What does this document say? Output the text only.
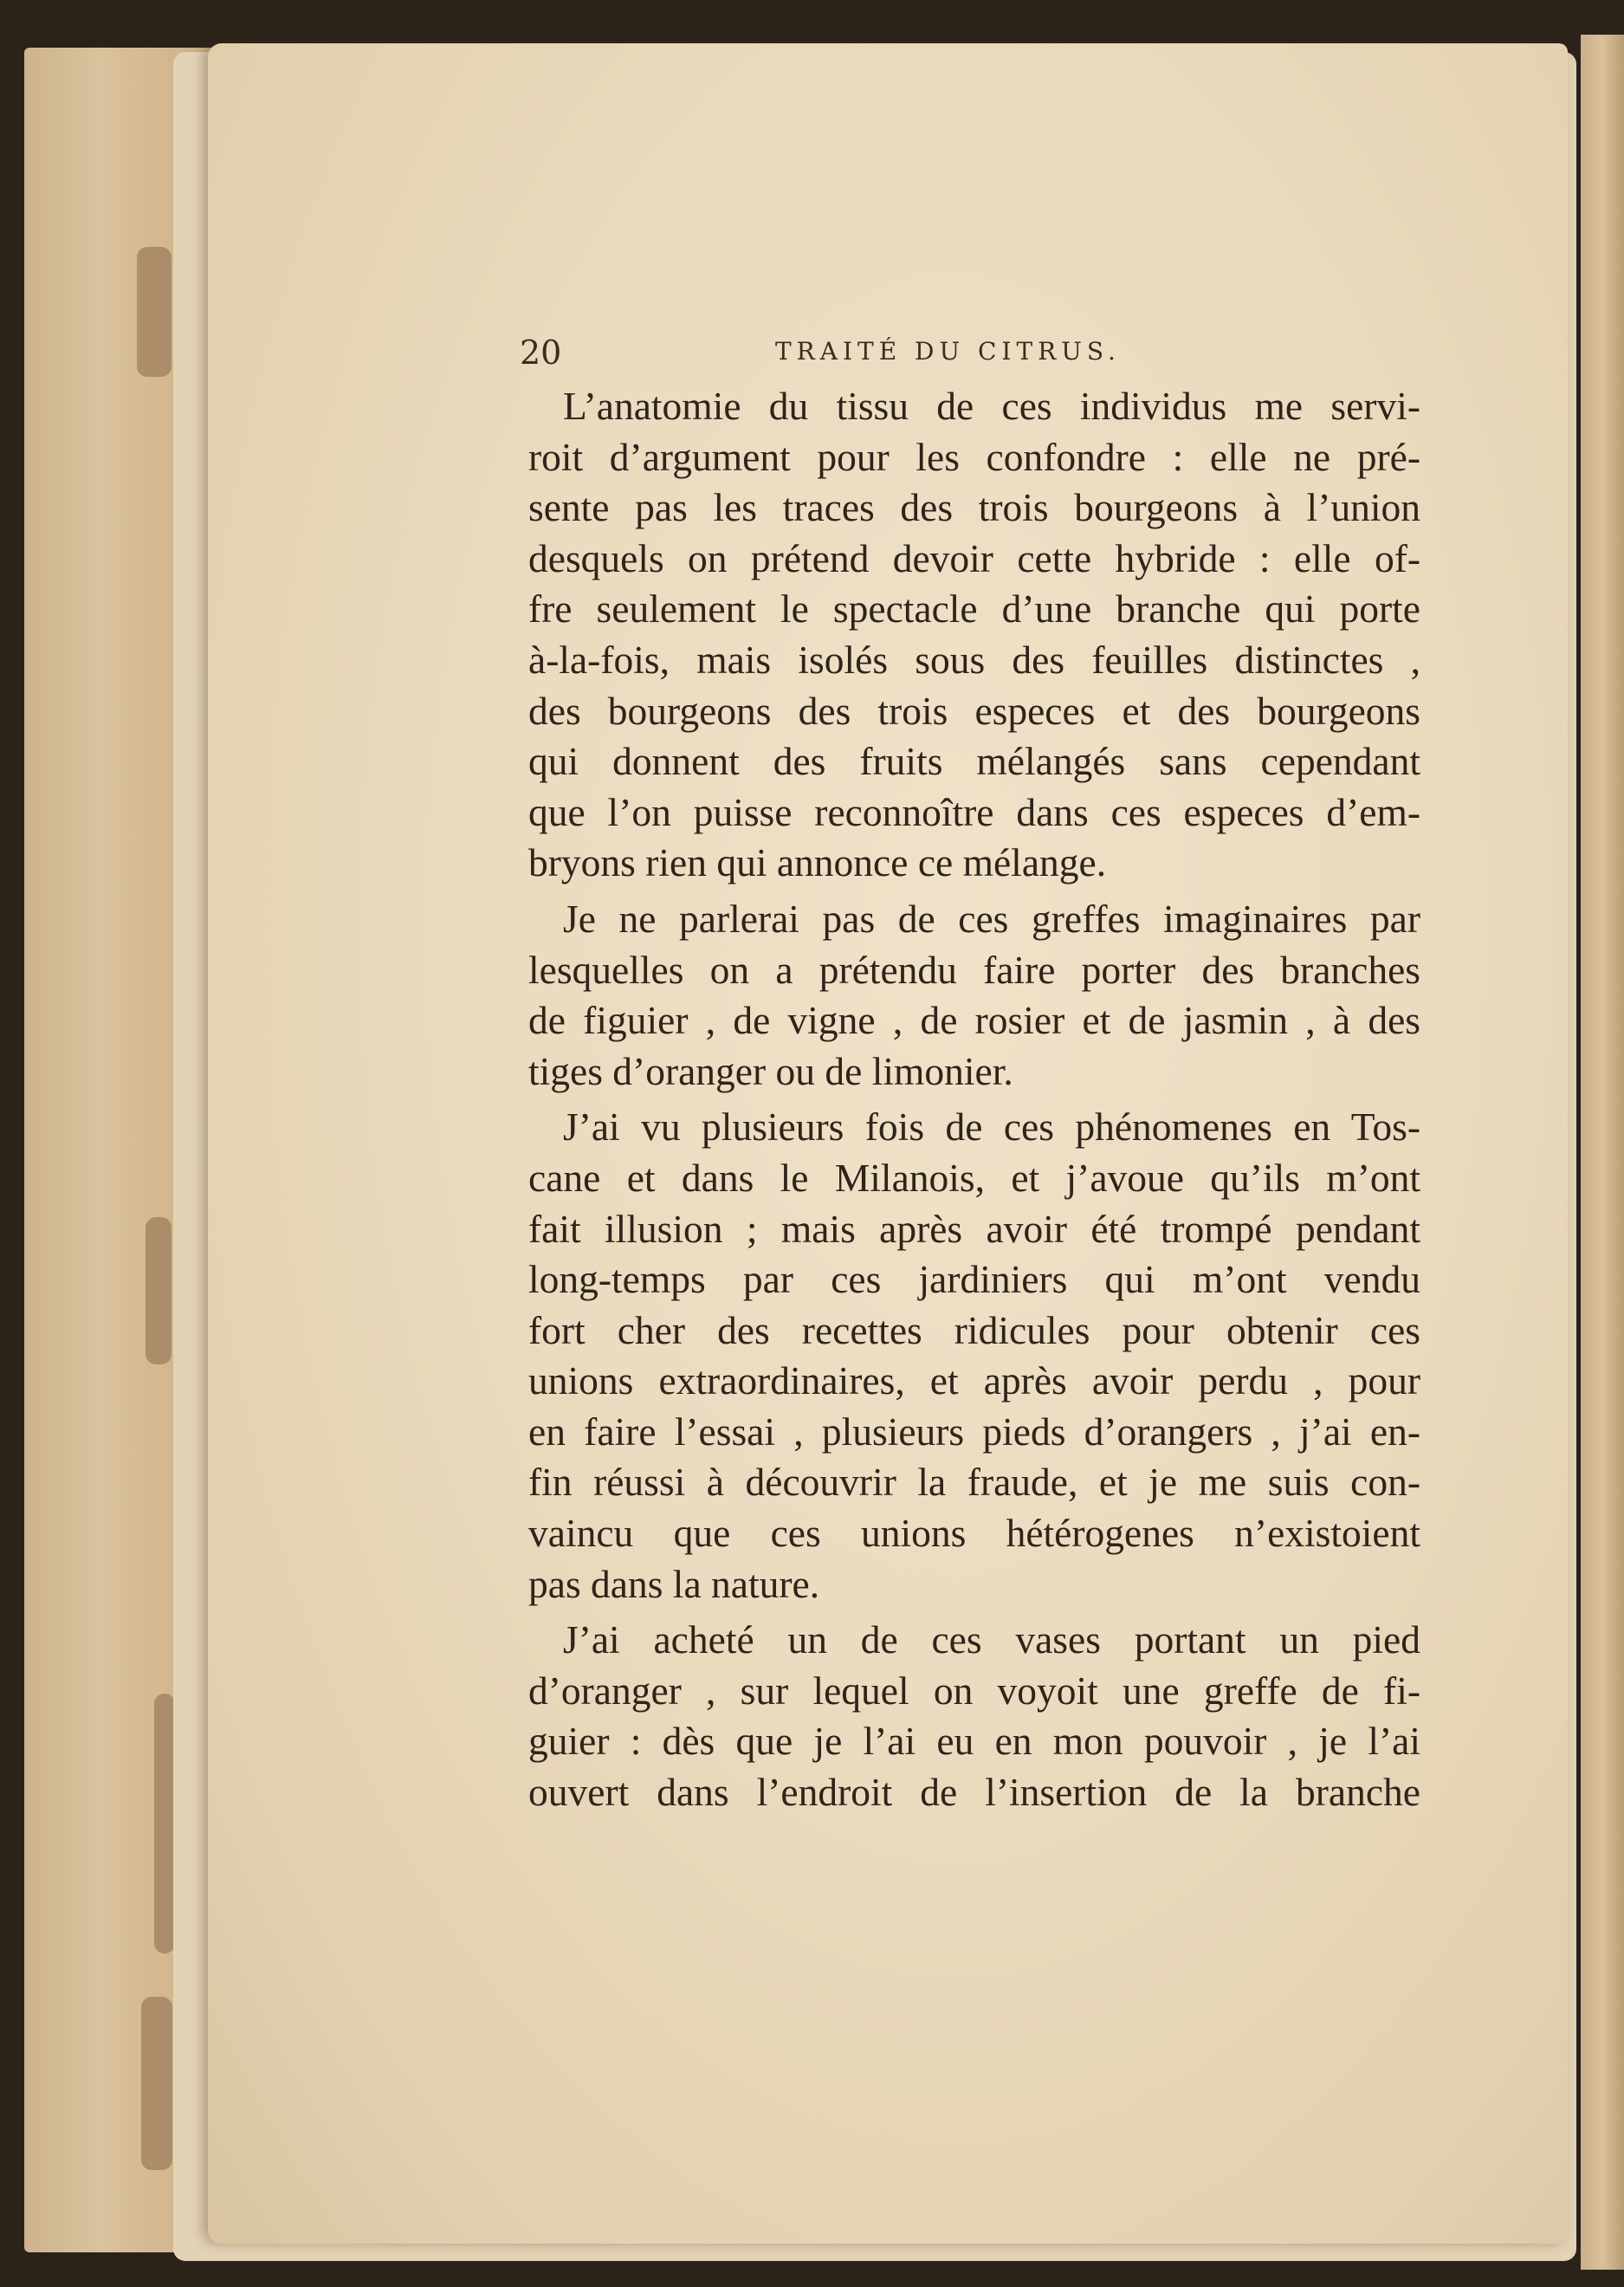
20	TRAITÉ DU CITRUS.

L’anatomie du tissu de ces individus me servi-
roit d’argument pour les confondre : elle ne pré-
sente pas les traces des trois bourgeons à l’union
desquels on prétend devoir cette hybride : elle of-
fre seulement le spectacle d’une branche qui porte
à-la-fois, mais isolés sous des feuilles distinctes ,
des bourgeons des trois especes et des bourgeons
qui donnent des fruits mélangés sans cependant
que l’on puisse reconnoître dans ces especes d’em-
bryons rien qui annonce ce mélange.

Je ne parlerai pas de ces greffes imaginaires par
lesquelles on a prétendu faire porter des branches
de figuier , de vigne , de rosier et de jasmin , à des
tiges d’oranger ou de limonier.

J’ai vu plusieurs fois de ces phénomenes en Tos-
cane et dans le Milanois, et j’avoue qu’ils m’ont
fait illusion ; mais après avoir été trompé pendant
long-temps par ces jardiniers qui m’ont vendu
fort cher des recettes ridicules pour obtenir ces
unions extraordinaires, et après avoir perdu , pour
en faire l’essai , plusieurs pieds d’orangers , j’ai en-
fin réussi à découvrir la fraude, et je me suis con-
vaincu que ces unions hétérogenes n’existoient
pas dans la nature.

J’ai acheté un de ces vases portant un pied
d’oranger , sur lequel on voyoit une greffe de fi-
guier : dès que je l’ai eu en mon pouvoir , je l’ai
ouvert dans l’endroit de l’insertion de la branche
